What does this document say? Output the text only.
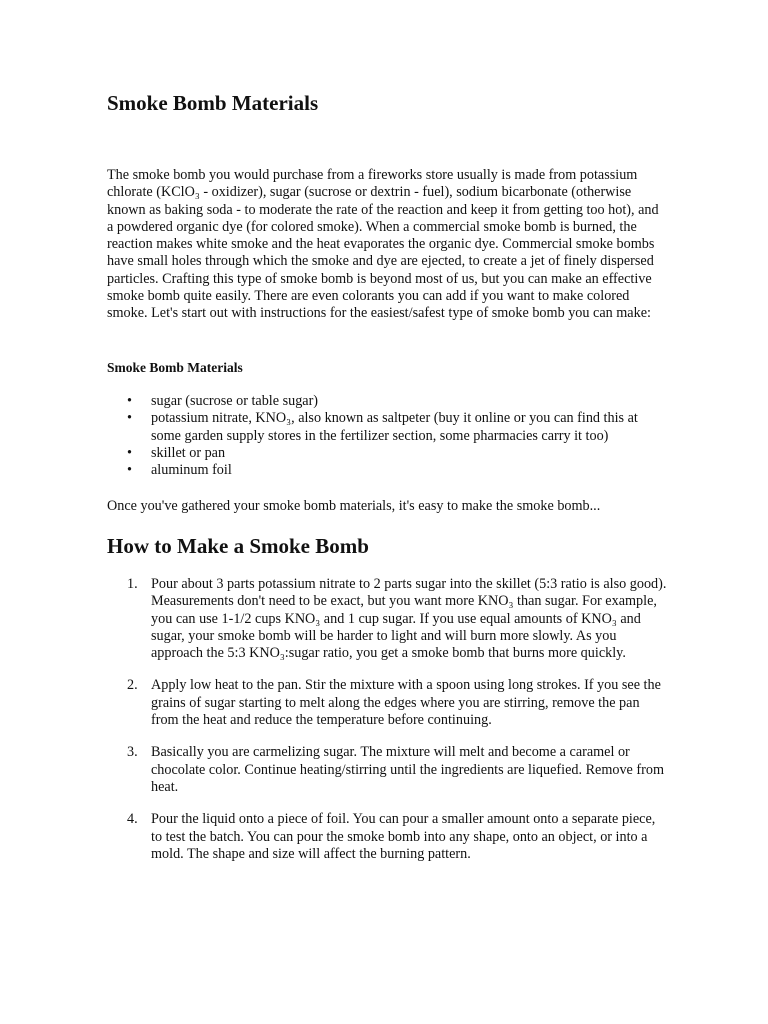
Smoke Bomb Materials

The smoke bomb you would purchase from a fireworks store usually is made from potassium chlorate (KClO₃ - oxidizer), sugar (sucrose or dextrin - fuel), sodium bicarbonate (otherwise known as baking soda - to moderate the rate of the reaction and keep it from getting too hot), and a powdered organic dye (for colored smoke). When a commercial smoke bomb is burned, the reaction makes white smoke and the heat evaporates the organic dye. Commercial smoke bombs have small holes through which the smoke and dye are ejected, to create a jet of finely dispersed particles. Crafting this type of smoke bomb is beyond most of us, but you can make an effective smoke bomb quite easily. There are even colorants you can add if you want to make colored smoke. Let's start out with instructions for the easiest/safest type of smoke bomb you can make:

Smoke Bomb Materials

• sugar (sucrose or table sugar)
• potassium nitrate, KNO₃, also known as saltpeter (buy it online or you can find this at some garden supply stores in the fertilizer section, some pharmacies carry it too)
• skillet or pan
• aluminum foil

Once you've gathered your smoke bomb materials, it's easy to make the smoke bomb...

How to Make a Smoke Bomb
1. Pour about 3 parts potassium nitrate to 2 parts sugar into the skillet (5:3 ratio is also good). Measurements don't need to be exact, but you want more KNO₃ than sugar. For example, you can use 1-1/2 cups KNO₃ and 1 cup sugar. If you use equal amounts of KNO₃ and sugar, your smoke bomb will be harder to light and will burn more slowly. As you approach the 5:3 KNO₃:sugar ratio, you get a smoke bomb that burns more quickly.
2. Apply low heat to the pan. Stir the mixture with a spoon using long strokes. If you see the grains of sugar starting to melt along the edges where you are stirring, remove the pan from the heat and reduce the temperature before continuing.
3. Basically you are carmelizing sugar. The mixture will melt and become a caramel or chocolate color. Continue heating/stirring until the ingredients are liquefied. Remove from heat.
4. Pour the liquid onto a piece of foil. You can pour a smaller amount onto a separate piece, to test the batch. You can pour the smoke bomb into any shape, onto an object, or into a mold. The shape and size will affect the burning pattern.
